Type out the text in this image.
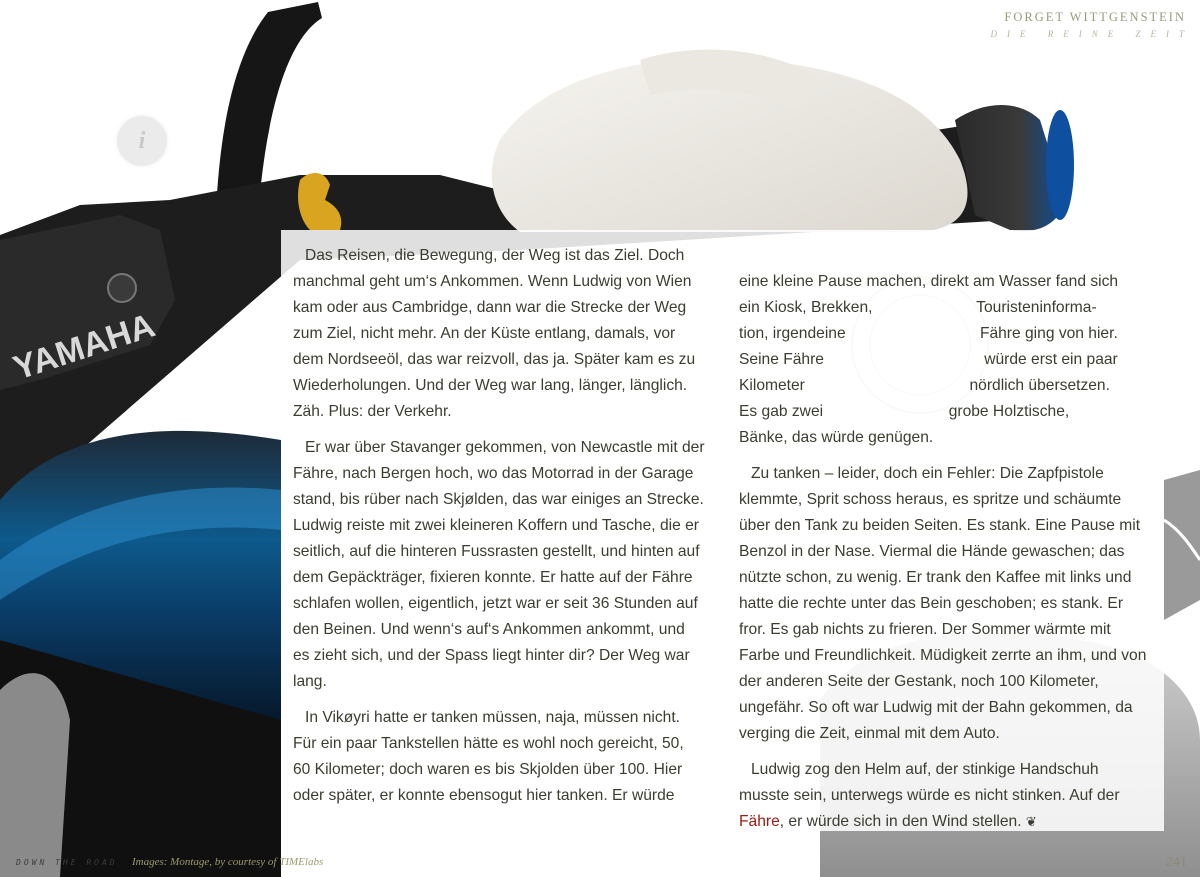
YAMAHA
FORGET WITTGENSTEIN
DIE REINE ZEIT
i

Das Reisen, die Bewegung, der Weg ist das Ziel. Doch manchmal geht um‘s Ankommen. Wenn Ludwig von Wien kam oder aus Cambridge, dann war die Strecke der Weg zum Ziel, nicht mehr. An der Küste entlang, damals, vor dem Nordseeöl, das war reizvoll, das ja. Später kam es zu Wiederholungen. Und der Weg war lang, länger, länglich. Zäh. Plus: der Verkehr.

Er war über Stavanger gekommen, von Newcastle mit der Fähre, nach Bergen hoch, wo das Motorrad in der Garage stand, bis rüber nach Skjølden, das war einiges an Strecke. Ludwig reiste mit zwei kleineren Koffern und Tasche, die er seitlich, auf die hinteren Fussrasten gestellt, und hinten auf dem Gepäckträger, fixieren konnte. Er hatte auf der Fähre schlafen wollen, eigentlich, jetzt war er seit 36 Stunden auf den Beinen. Und wenn‘s auf‘s Ankommen ankommt, und es zieht sich, und der Spass liegt hinter dir? Der Weg war lang.

In Vikøyri hatte er tanken müssen, naja, müssen nicht. Für ein paar Tankstellen hätte es wohl noch gereicht, 50, 60 Kilometer; doch waren es bis Skjolden über 100. Hier oder später, er konnte ebensogut hier tanken. Er würde

eine kleine Pause machen, direkt am Wasser fand sich
ein Kiosk, Brekken,                        Touristeninforma-
tion, irgendeine                               Fähre ging von hier.
Seine Fähre                                     würde erst ein paar
Kilometer                                      nördlich übersetzen.
Es gab zwei                             grobe Holztische,
Bänke, das würde genügen.

Zu tanken – leider, doch ein Fehler: Die Zapfpistole klemmte, Sprit schoss heraus, es spritze und schäumte über den Tank zu beiden Seiten. Es stank. Eine Pause mit Benzol in der Nase. Viermal die Hände gewaschen; das nützte schon, zu wenig. Er trank den Kaffee mit links und hatte die rechte unter das Bein geschoben; es stank. Er fror. Es gab nichts zu frieren. Der Sommer wärmte mit Farbe und Freundlichkeit. Müdigkeit zerrte an ihm, und von der anderen Seite der Gestank, noch 100 Kilometer, ungefähr. So oft war Ludwig mit der Bahn gekommen, da verging die Zeit, einmal mit dem Auto.

Ludwig zog den Helm auf, der stinkige Handschuh musste sein, unterwegs würde es nicht stinken. Auf der Fähre, er würde sich in den Wind stellen. ❦

DOWN THE ROAD Images: Montage, by courtesy of TIMElabs	241
